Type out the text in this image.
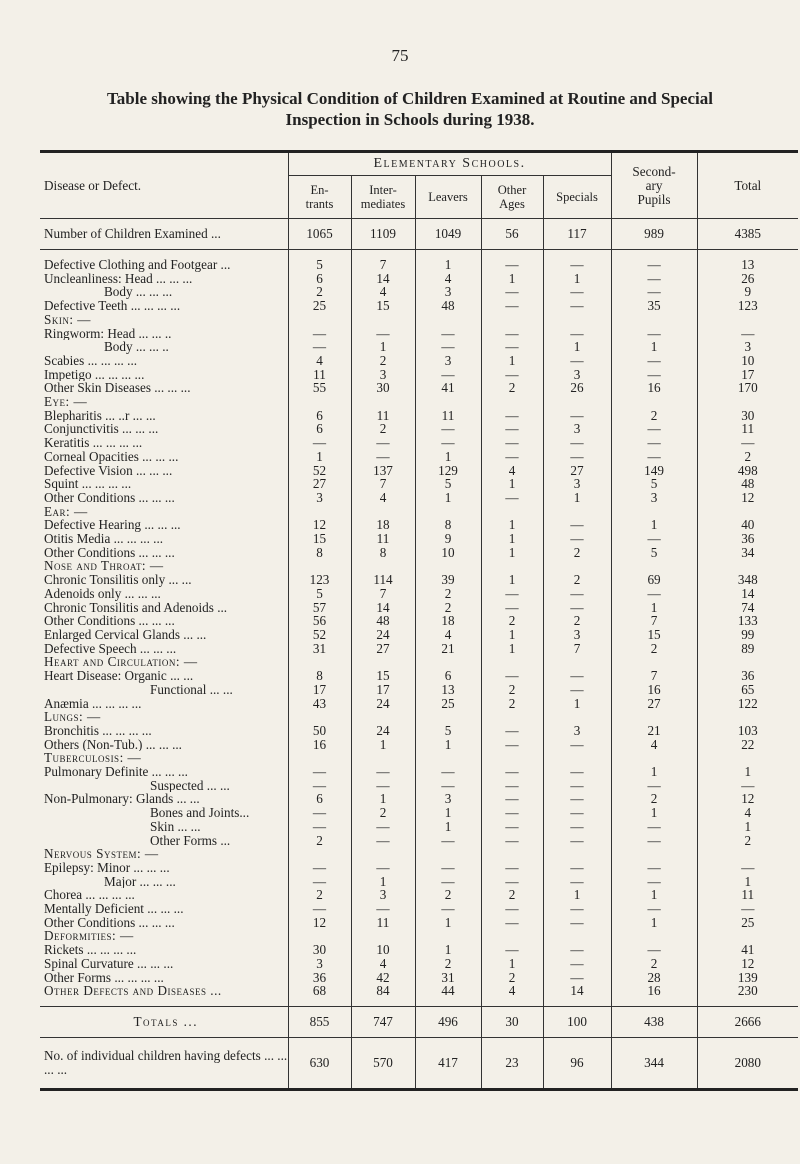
75
Table showing the Physical Condition of Children Examined at Routine and Special
Inspection in Schools during 1938.
Disease or Defect.	Elementary Schools.					Second-
ary
Pupils	Total
	En-
trants	Inter-
mediates	Leavers	Other
Ages	Specials		
Number of Children Examined ...	1065	1109	1049	56	117	989	4385

Defective Clothing and Footgear ...	5	7	1	—	—	—	13
Uncleanliness: Head ... ... ...	6	14	4	1	1	—	26
Body ... ... ...	2	4	3	—	—	—	9
Defective Teeth ... ... ... ...	25	15	48	—	—	35	123
Skin: —							
Ringworm: Head ... ... ..	—	—	—	—	—	—	—
Body ... ... ..	—	1	—	—	1	1	3
Scabies ... ... ... ...	4	2	3	1	—	—	10
Impetigo ... ... ... ...	11	3	—	—	3	—	17
Other Skin Diseases ... ... ...	55	30	41	2	26	16	170
Eye: —							
Blepharitis ... ..r ... ...	6	11	11	—	—	2	30
Conjunctivitis ... ... ...	6	2	—	—	3	—	11
Keratitis ... ... ... ...	—	—	—	—	—	—	—
Corneal Opacities ... ... ...	1	—	1	—	—	—	2
Defective Vision ... ... ...	52	137	129	4	27	149	498
Squint ... ... ... ...	27	7	5	1	3	5	48
Other Conditions ... ... ...	3	4	1	—	1	3	12
Ear: —							
Defective Hearing ... ... ...	12	18	8	1	—	1	40
Otitis Media ... ... ... ...	15	11	9	1	—	—	36
Other Conditions ... ... ...	8	8	10	1	2	5	34
Nose and Throat: —							
Chronic Tonsilitis only ... ...	123	114	39	1	2	69	348
Adenoids only ... ... ...	5	7	2	—	—	—	14
Chronic Tonsilitis and Adenoids ...	57	14	2	—	—	1	74
Other Conditions ... ... ...	56	48	18	2	2	7	133
Enlarged Cervical Glands ... ...	52	24	4	1	3	15	99
Defective Speech ... ... ...	31	27	21	1	7	2	89
Heart and Circulation: —							
Heart Disease: Organic ... ...	8	15	6	—	—	7	36
Functional ... ...	17	17	13	2	—	16	65
Anæmia ... ... ... ...	43	24	25	2	1	27	122
Lungs: —							
Bronchitis ... ... ... ...	50	24	5	—	3	21	103
Others (Non-Tub.) ... ... ...	16	1	1	—	—	4	22
Tuberculosis: —							
Pulmonary Definite ... ... ...	—	—	—	—	—	1	1
Suspected ... ...	—	—	—	—	—	—	—
Non-Pulmonary: Glands ... ...	6	1	3	—	—	2	12
Bones and Joints...	—	2	1	—	—	1	4
Skin ... ...	—	—	1	—	—	—	1
Other Forms ...	2	—	—	—	—	—	2
Nervous System: —							
Epilepsy: Minor ... ... ...	—	—	—	—	—	—	—
Major ... ... ...	—	1	—	—	—	—	1
Chorea ... ... ... ...	2	3	2	2	1	1	11
Mentally Deficient ... ... ...	—	—	—	—	—	—	—
Other Conditions ... ... ...	12	11	1	—	—	1	25
Deformities: —							
Rickets ... ... ... ...	30	10	1	—	—	—	41
Spinal Curvature ... ... ...	3	4	2	1	—	2	12
Other Forms ... ... ... ...	36	42	31	2	—	28	139
Other Defects and Diseases ...	68	84	44	4	14	16	230

Totals ...	855	747	496	30	100	438	2666
No. of individual children having defects ... ... ... ...	630	570	417	23	96	344	2080
